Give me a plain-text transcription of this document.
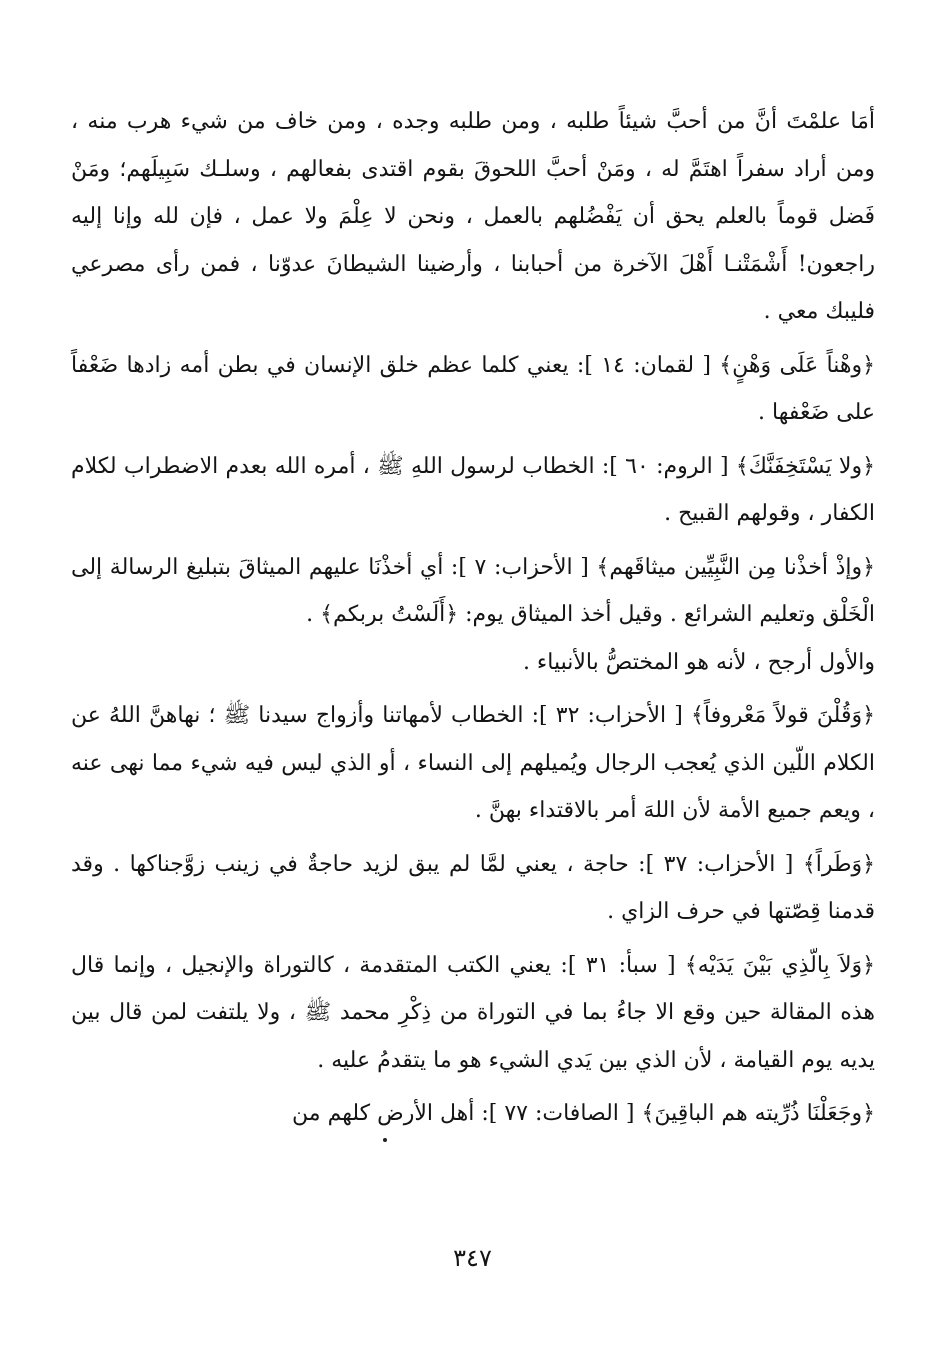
أمَا علمْتَ أنَّ من أحبَّ شيئاً طلبه ، ومن طلبه وجده ، ومن خاف من شيء هرب منه ، ومن أراد سفراً اهتَمَّ له ، ومَنْ أحبَّ اللحوقَ بقوم اقتدى بفعالهم ، وسلـك سَبِيلَهم؛ ومَنْ فَضل قوماً بالعلم يحق أن يَفْضُلهم بالعمل ، ونحن لا عِلْمَ ولا عمل ، فإن لله وإنا إليه راجعون! أَشْمَتْنـا أَهْلَ الآخرة من أحبابنا ، وأرضينا الشيطانَ عدوّنا ، فمن رأى مصرعي فليبك معي .

﴿وهْناً عَلَى وَهْنٍ﴾ [ لقمان: ١٤ ]: يعني كلما عظم خلق الإنسان في بطن أمه زادها ضَعْفاً على ضَعْفها .

﴿ولا يَسْتَخِفَنَّكَ﴾ [ الروم: ٦٠ ]: الخطاب لرسول اللهِ ﷺ ، أمره الله بعدم الاضطراب لكلام الكفار ، وقولهم القبيح .

﴿وإذْ أخذْنا مِن النَّبِيِّين ميثاقَهم﴾ [ الأحزاب: ٧ ]: أي أخذْنَا عليهم الميثاقَ بتبليغ الرسالة إلى الْخَلْق وتعليم الشرائع . وقيل أخذ الميثاق يوم: ﴿أَلَسْتُ بربكم﴾ .

والأول أرجح ، لأنه هو المختصُّ بالأنبياء .

﴿وَقُلْنَ قولاً مَعْروفاً﴾ [ الأحزاب: ٣٢ ]: الخطاب لأمهاتنا وأزواج سيدنا ﷺ ؛ نهاهنَّ اللهُ عن الكلام اللّين الذي يُعجب الرجال ويُميلهم إلى النساء ، أو الذي ليس فيه شيء مما نهى عنه ، ويعم جميع الأمة لأن اللهَ أمر بالاقتداء بهنَّ .

﴿وَطَراً﴾ [ الأحزاب: ٣٧ ]: حاجة ، يعني لمَّا لم يبق لزيد حاجةٌ في زينب زوَّجناكها . وقد قدمنا قِصّتها في حرف الزاي .

﴿وَلاَ بِالّذِي بَيْنَ يَدَيْه﴾ [ سبأ: ٣١ ]: يعني الكتب المتقدمة ، كالتوراة والإنجيل ، وإنما قال هذه المقالة حين وقع الا جاءُ بما في التوراة من ذِكْرِ محمد ﷺ ، ولا يلتفت لمن قال بين يديه يوم القيامة ، لأن الذي بين يَدي الشيء هو ما يتقدمُ عليه .

﴿وجَعَلْنَا ذُرِّيته هم الباقِينَ﴾ [ الصافات: ٧٧ ]: أهل الأرض كلهم من

٣٤٧
